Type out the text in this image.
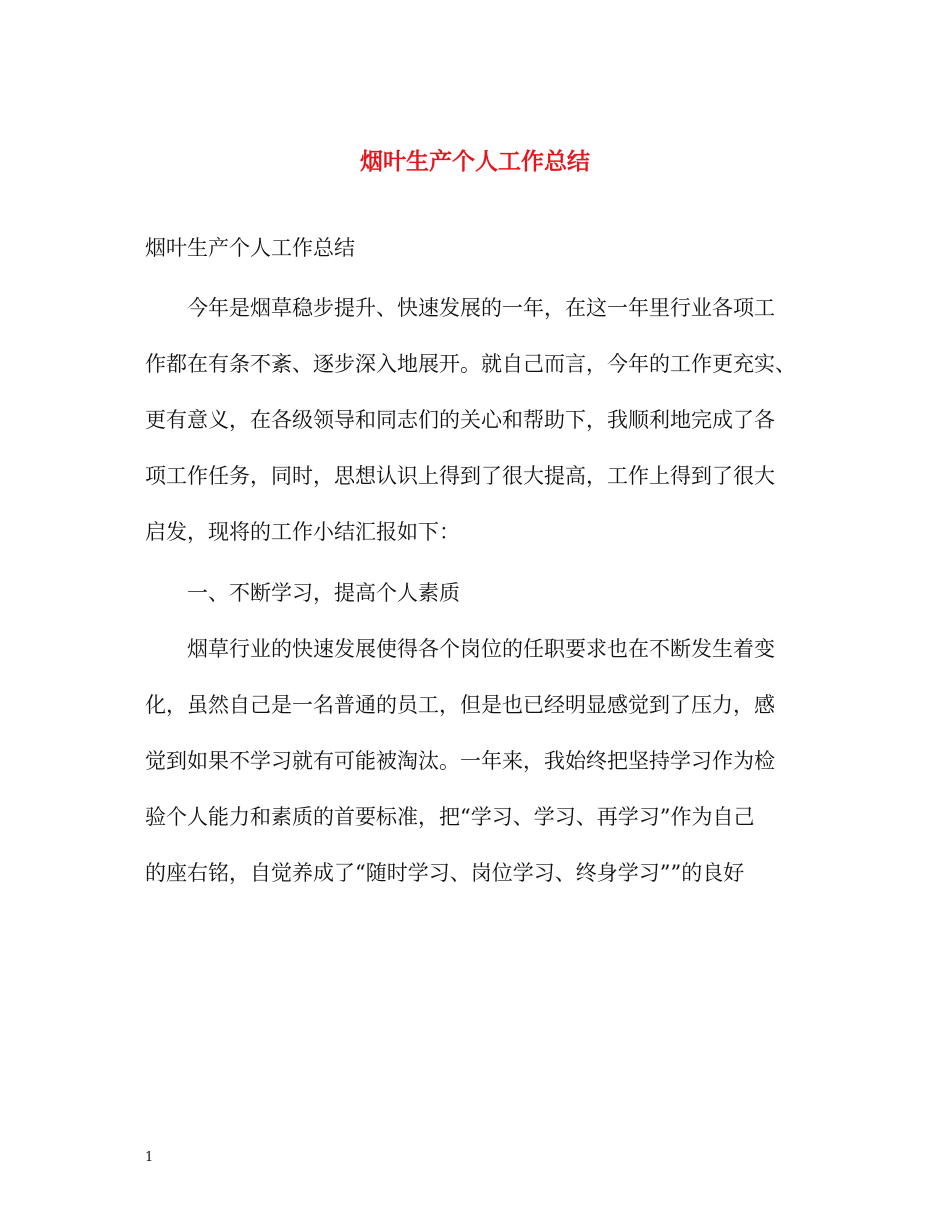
烟叶生产个人工作总结

烟叶生产个人工作总结

今年是烟草稳步提升、快速发展的一年，在这一年里行业各项工
作都在有条不紊、逐步深入地展开。就自己而言，今年的工作更充实、
更有意义，在各级领导和同志们的关心和帮助下，我顺利地完成了各
项工作任务，同时，思想认识上得到了很大提高，工作上得到了很大
启发，现将的工作小结汇报如下：
一、不断学习，提高个人素质
烟草行业的快速发展使得各个岗位的任职要求也在不断发生着变
化，虽然自己是一名普通的员工，但是也已经明显感觉到了压力，感
觉到如果不学习就有可能被淘汰。一年来，我始终把坚持学习作为检
验个人能力和素质的首要标准，把“学习、学习、再学习”作为自己
的座右铭，自觉养成了“随时学习、岗位学习、终身学习””的良好

1
